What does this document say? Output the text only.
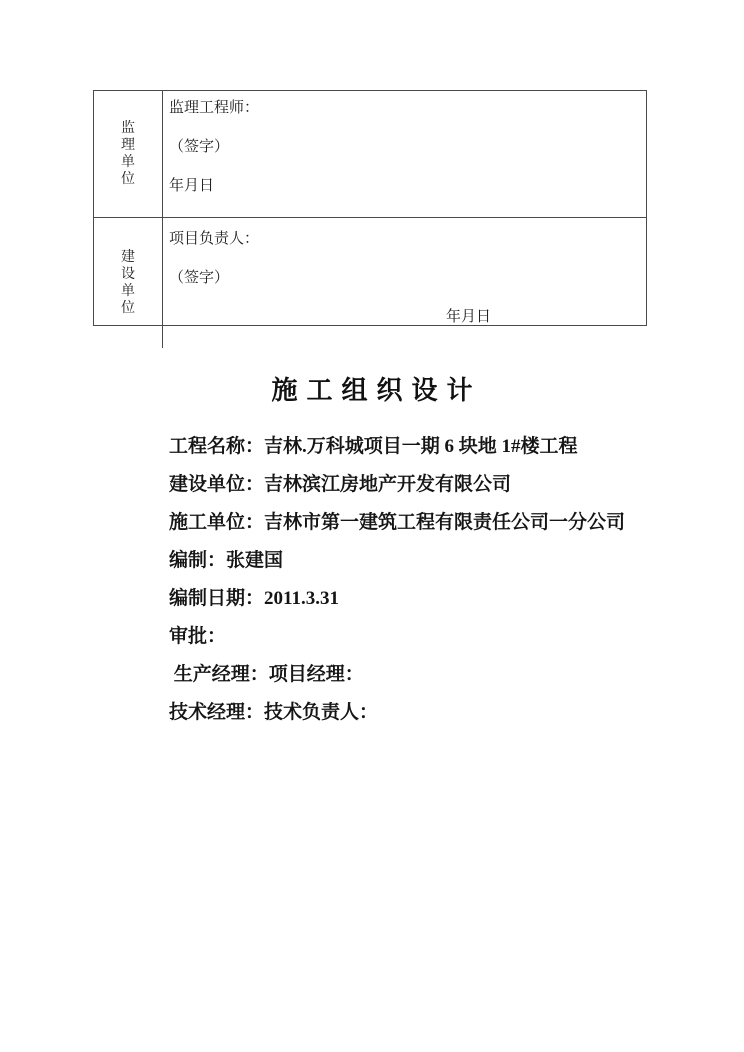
监理单位
监理工程师：
（签字）
年月日
建设单位
项目负责人：
（签字）
年月日
施工组织设计

工程名称：吉林.万科城项目一期 6 块地 1#楼工程

建设单位：吉林滨江房地产开发有限公司

施工单位：吉林市第一建筑工程有限责任公司一分公司

编制：张建国

编制日期：2011.3.31

审批：

生产经理：项目经理：

技术经理：技术负责人：
